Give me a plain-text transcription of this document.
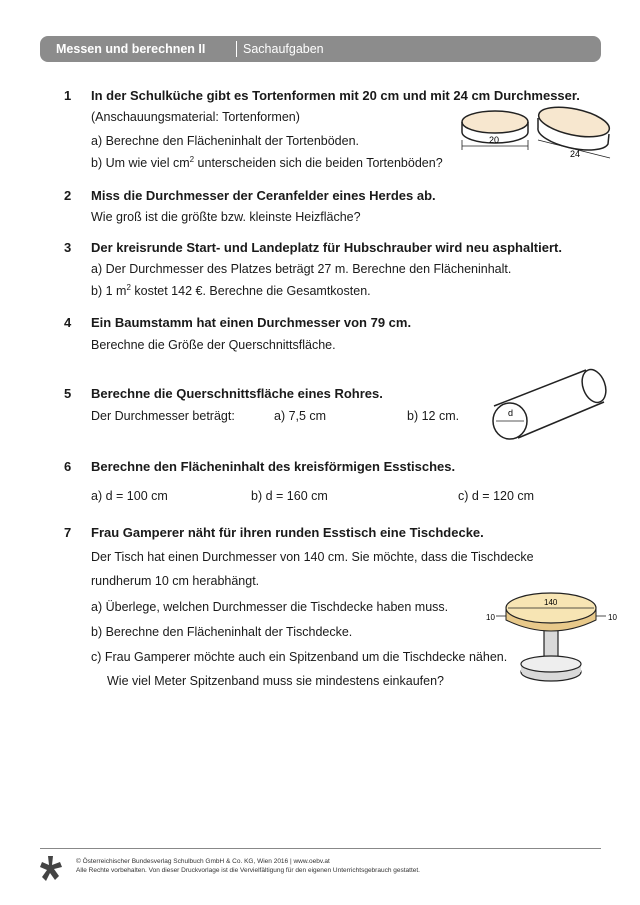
Messen und berechnen II	Sachaufgaben
1 In der Schulküche gibt es Tortenformen mit 20 cm und mit 24 cm Durchmesser.
(Anschauungsmaterial: Tortenformen)
a) Berechne den Flächeninhalt der Tortenböden.
b) Um wie viel $cm^2$ unterscheiden sich die beiden Tortenböden?
20
24
2 Miss die Durchmesser der Ceranfelder eines Herdes ab.
Wie groß ist die größte bzw. kleinste Heizfläche?
3 Der kreisrunde Start- und Landeplatz für Hubschrauber wird neu asphaltiert.
a) Der Durchmesser des Platzes beträgt 27 m. Berechne den Flächeninhalt.
b) 1 $m^2$ kostet 142 €. Berechne die Gesamtkosten.
4 Ein Baumstamm hat einen Durchmesser von 79 cm.
Berechne die Größe der Querschnittsfläche.
5 Berechne die Querschnittsfläche eines Rohres.
Der Durchmesser beträgt:	a) 7,5 cm	b) 12 cm.	d
6 Berechne den Flächeninhalt des kreisförmigen Esstisches.
a) d = 100 cm	b) d = 160 cm	c) d = 120 cm
7 Frau Gamperer näht für ihren runden Esstisch eine Tischdecke.
Der Tisch hat einen Durchmesser von 140 cm. Sie möchte, dass die Tischdecke
rundherum 10 cm herabhängt.
a) Überlege, welchen Durchmesser die Tischdecke haben muss.
b) Berechne den Flächeninhalt der Tischdecke.
c) Frau Gamperer möchte auch ein Spitzenband um die Tischdecke nähen.
Wie viel Meter Spitzenband muss sie mindestens einkaufen?
140
10	10
© Österreichischer Bundesverlag Schulbuch GmbH & Co. KG, Wien 2016 | www.oebv.at
Alle Rechte vorbehalten. Von dieser Druckvorlage ist die Vervielfältigung für den eigenen Unterrichtsgebrauch gestattet.
